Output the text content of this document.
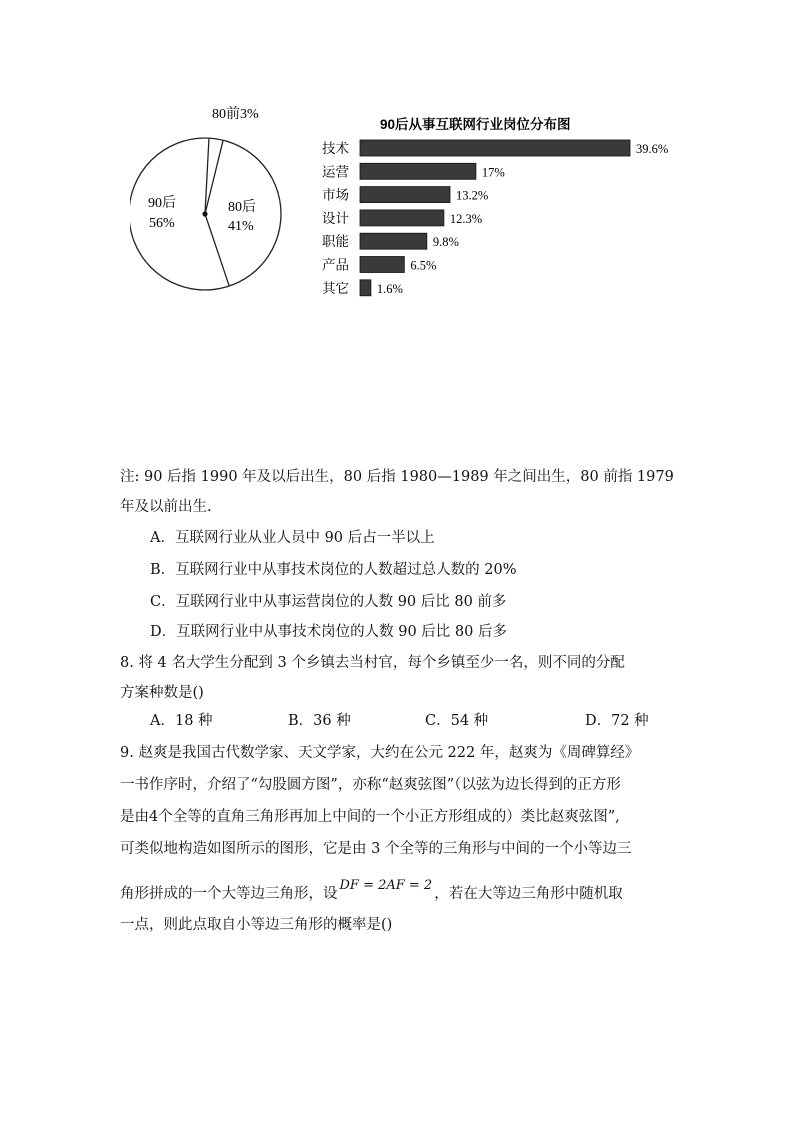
80前3%
90后
56%
80后
41%
90后从事互联网行业岗位分布图
技术	39.6%
运营	17%
市场	13.2%
设计	12.3%
职能	9.8%
产品	6.5%
其它 1.6%
注: 90 后指 1990 年及以后出生，80 后指 1980—1989 年之间出生，80 前指 1979
年及以前出生.
A．互联网行业从业人员中 90 后占一半以上
B．互联网行业中从事技术岗位的人数超过总人数的 20%
C．互联网行业中从事运营岗位的人数 90 后比 80 前多
D．互联网行业中从事技术岗位的人数 90 后比 80 后多
8. 将 4 名大学生分配到 3 个乡镇去当村官，每个乡镇至少一名，则不同的分配
方案种数是()
A．18 种	B．36 种	C．54 种	D．72 种
9. 赵爽是我国古代数学家、天文学家，大约在公元 222 年，赵爽为《周碑算经》
一书作序时，介绍了“勾股圆方图”，亦称“赵爽弦图”（以弦为边长得到的正方形
是由4个全等的直角三角形再加上中间的一个小正方形组成的）类比赵爽弦图”,
可类似地构造如图所示的图形，它是由 3 个全等的三角形与中间的一个小等边三
角形拼成的一个大等边三角形，设DF = 2AF = 2，若在大等边三角形中随机取
一点，则此点取自小等边三角形的概率是()
